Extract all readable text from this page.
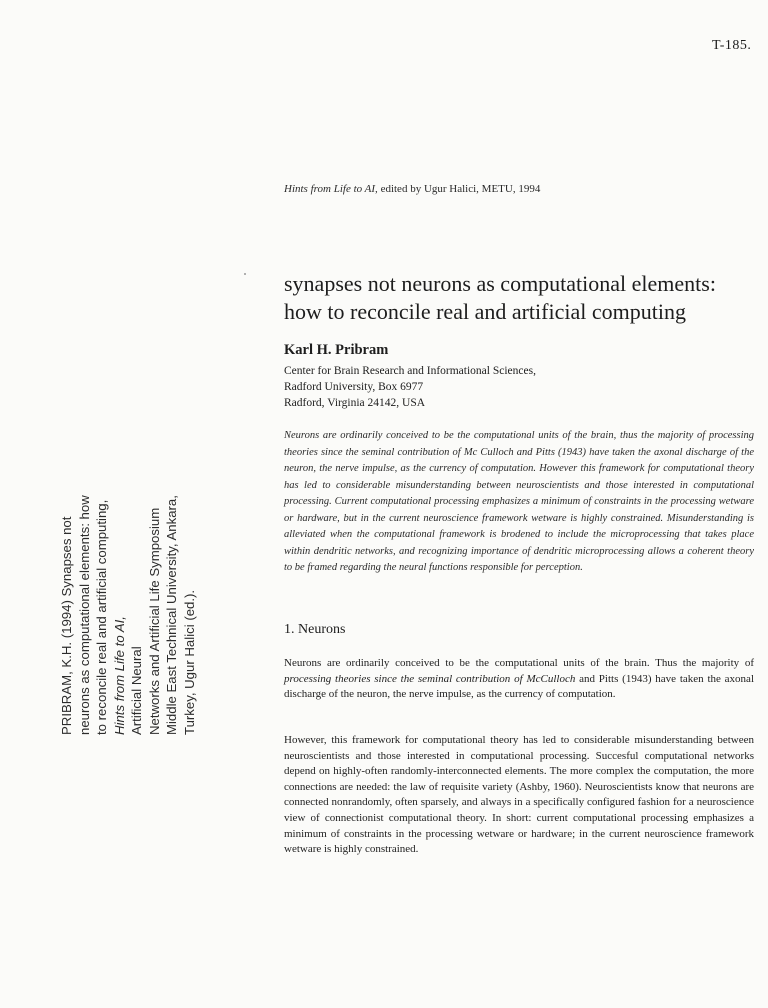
T-185.
Hints from Life to AI, edited by Ugur Halici, METU, 1994
synapses not neurons as computational elements:
how to reconcile real and artificial computing

Karl H. Pribram

Center for Brain Research and Informational Sciences,
Radford University, Box 6977
Radford, Virginia 24142, USA

Neurons are ordinarily conceived to be the computational units of the brain, thus the majority of processing theories since the seminal contribution of Mc Culloch and Pitts (1943) have taken the axonal discharge of the neuron, the nerve impulse, as the currency of computation. However this framework for computational theory has led to considerable misunderstanding between neuroscientists and those interested in computational processing. Current computational processing emphasizes a minimum of constraints in the processing wetware or hardware, but in the current neuroscience framework wetware is highly constrained. Misunderstanding is alleviated when the computational framework is brodened to include the microprocessing that takes place within dendritic networks, and recognizing importance of dendritic microprocessing allows a coherent theory to be framed regarding the neural functions responsible for perception.

1. Neurons

Neurons are ordinarily conceived to be the computational units of the brain. Thus the majority of processing theories since the seminal contribution of McCulloch and Pitts (1943) have taken the axonal discharge of the neuron, the nerve impulse, as the currency of computation.

However, this framework for computational theory has led to considerable misunderstanding between neuroscientists and those interested in computational processing. Succesful computational networks depend on highly-often randomly-interconnected elements. The more complex the computation, the more connections are needed: the law of requisite variety (Ashby, 1960). Neuroscientists know that neurons are connected nonrandomly, often sparsely, and always in a specifically configured fashion for a neuroscience view of connectionist computational theory. In short: current computational processing emphasizes a minimum of constraints in the processing wetware or hardware; in the current neuroscience framework wetware is highly constrained.

PRIBRAM, K.H. (1994) Synapses not neurons as computational elements: how to reconcile real and artificial computing, Hints from Life to AI, Artificial Neural Networks and Artificial Life Symposium Middle East Technical University, Ankara, Turkey, Ugur Halici (ed.).
